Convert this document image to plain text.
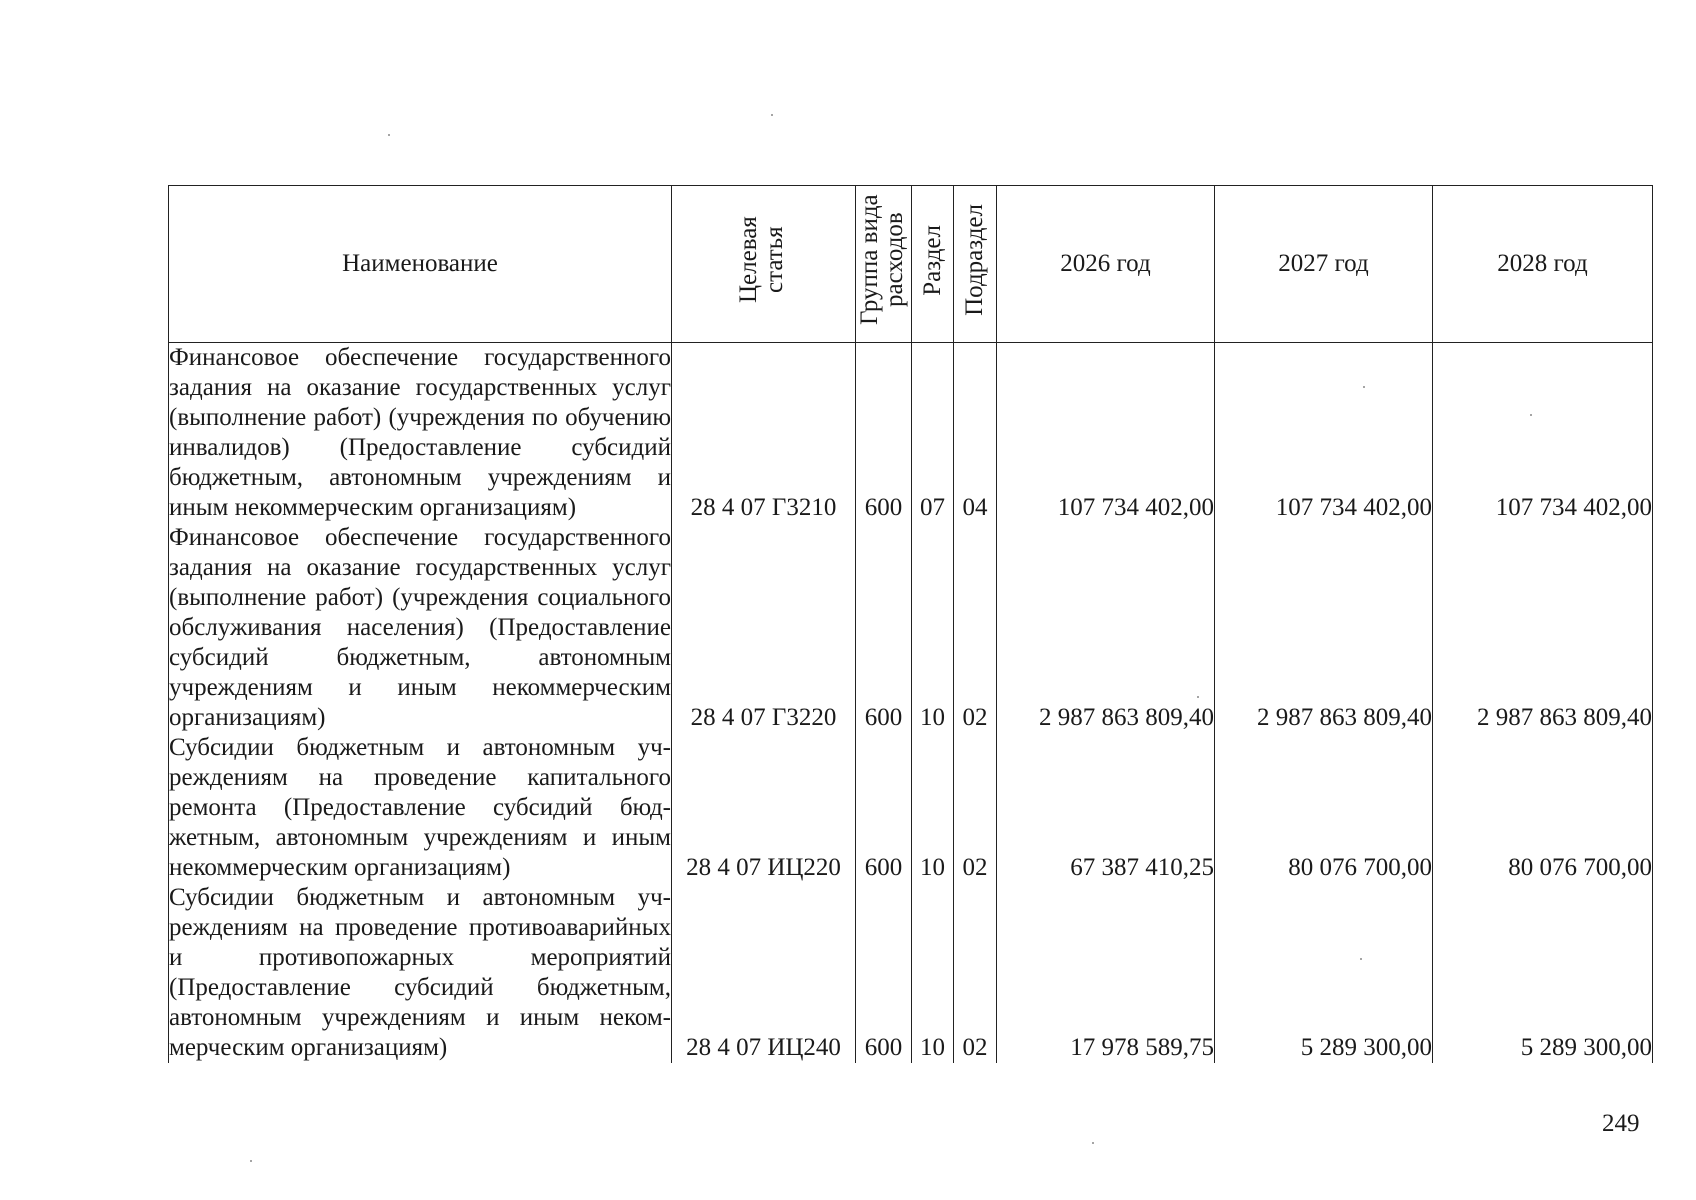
Наименование	Целевая статья	Группа вида расходов	Раздел	Подраздел	2026 год	2027 год	2028 год
Финансовое обеспечение государственного задания на оказание государственных услуг (выполнение работ) (учреждения по обучению инвалидов) (Предоставление субсидий бюджетным, автономным учреждениям и иным некоммерческим организациям)	28 4 07 Г3210	600	07	04	107 734 402,00	107 734 402,00	107 734 402,00
Финансовое обеспечение государственного задания на оказание государственных услуг (выполнение работ) (учреждения социального обслуживания населения) (Предоставление субсидий бюджетным, автономным учреждениям и иным некоммерческим организациям)	28 4 07 Г3220	600	10	02	2 987 863 809,40	2 987 863 809,40	2 987 863 809,40
Субсидии бюджетным и автономным учреждениям на проведение капитального ремонта (Предоставление субсидий бюджетным, автономным учреждениям и иным некоммерческим организациям)	28 4 07 ИЦ220	600	10	02	67 387 410,25	80 076 700,00	80 076 700,00
Субсидии бюджетным и автономным учреждениям на проведение противоаварийных и противопожарных мероприятий (Предоставление субсидий бюджетным, автономным учреждениям и иным некоммерческим организациям)	28 4 07 ИЦ240	600	10	02	17 978 589,75	5 289 300,00	5 289 300,00
249
